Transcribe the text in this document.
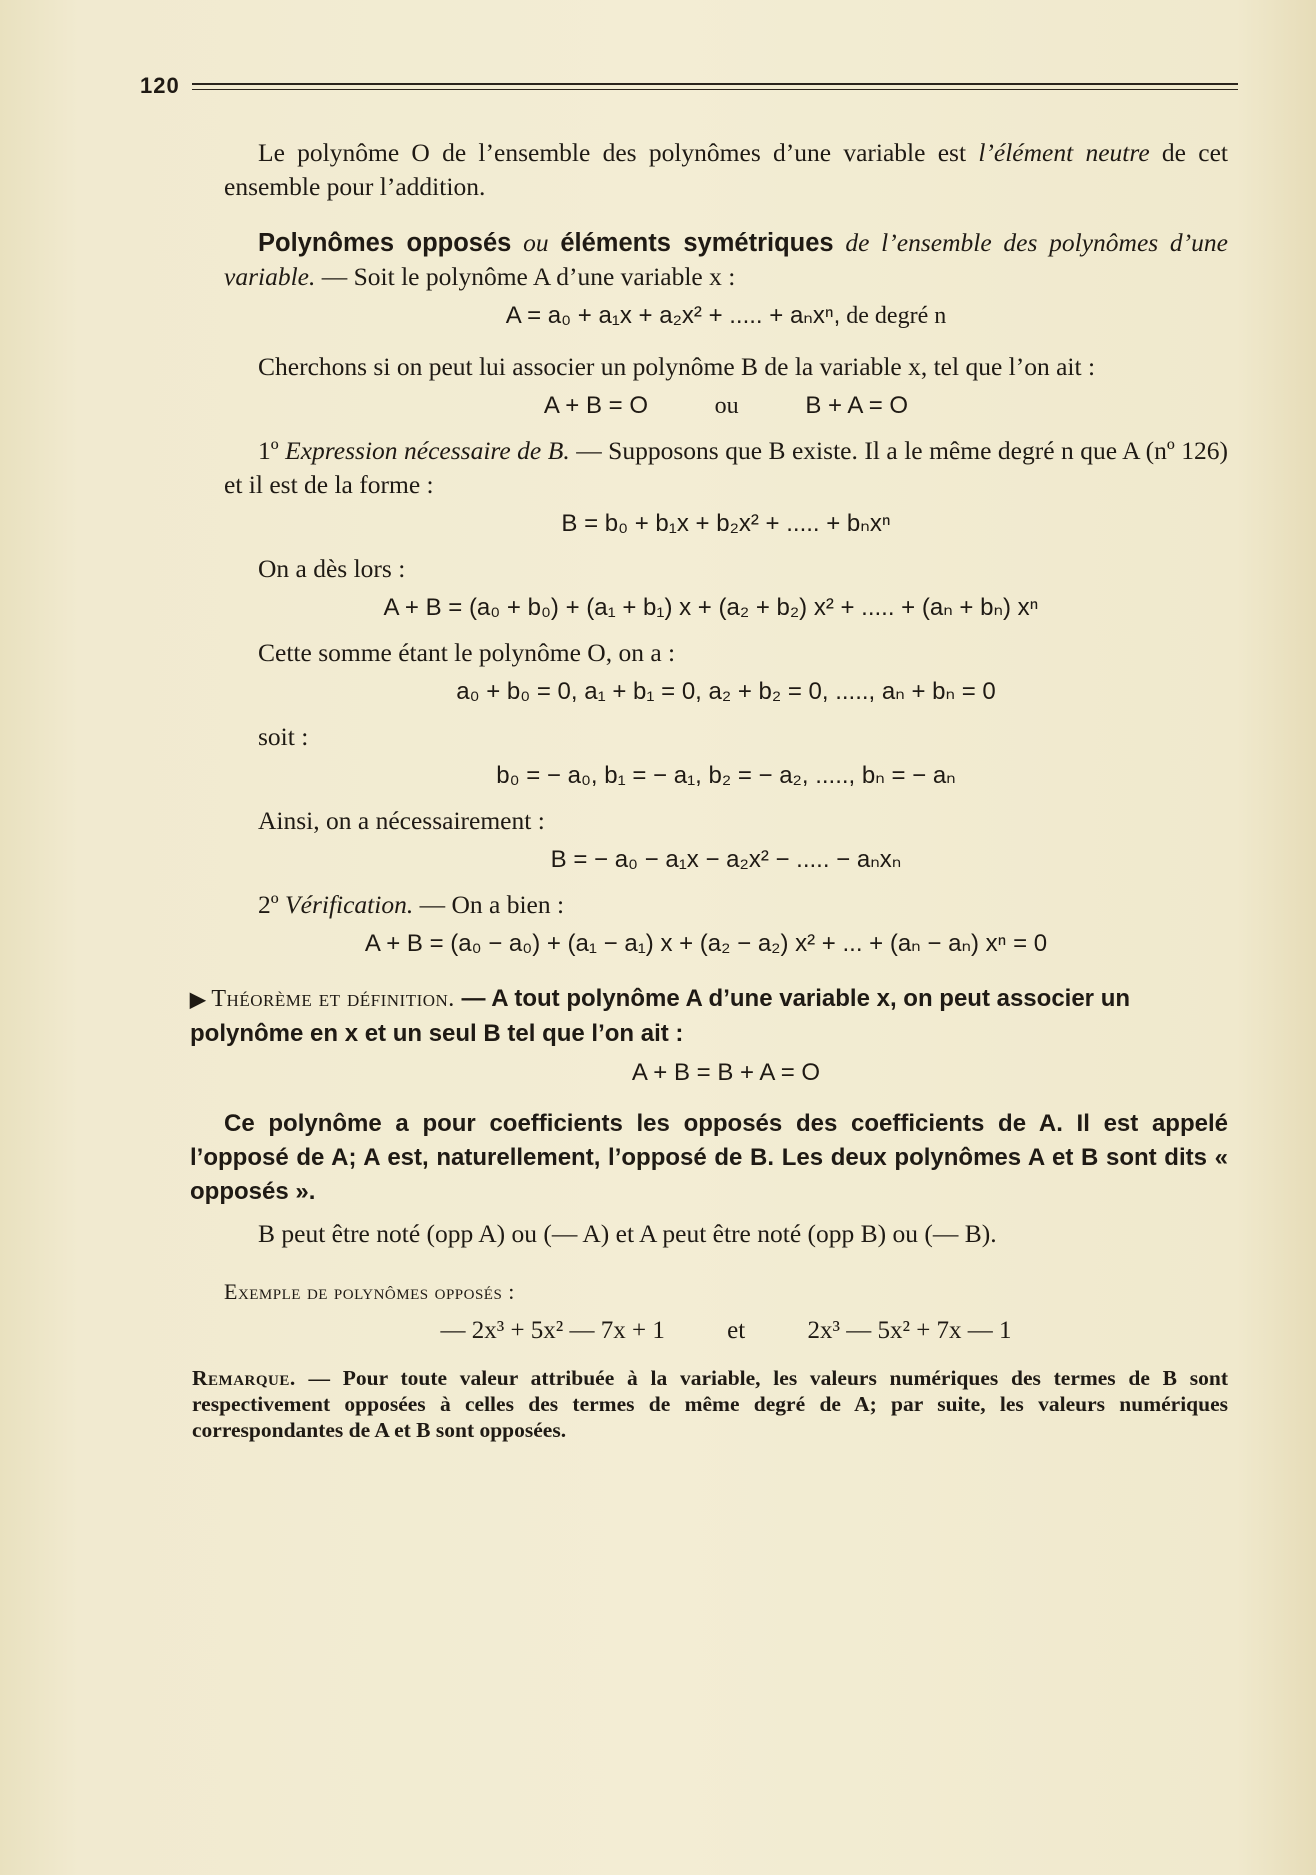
120

Le polynôme O de l’ensemble des polynômes d’une variable est l’élément neutre de cet ensemble pour l’addition.

Polynômes opposés ou éléments symétriques de l’ensemble des polynômes d’une variable. — Soit le polynôme A d’une variable x :

A = a₀ + a₁x + a₂x² + ..... + aₙxⁿ, de degré n

Cherchons si on peut lui associer un polynôme B de la variable x, tel que l’on ait :

A + B = O	ou	B + A = O

1º Expression nécessaire de B. — Supposons que B existe. Il a le même degré n que A (nº 126) et il est de la forme :

B = b₀ + b₁x + b₂x² + ..... + bₙxⁿ

On a dès lors :

A + B = (a₀ + b₀) + (a₁ + b₁) x + (a₂ + b₂) x² + ..... + (aₙ + bₙ) xⁿ

Cette somme étant le polynôme O, on a :

a₀ + b₀ = 0, a₁ + b₁ = 0, a₂ + b₂ = 0, ....., aₙ + bₙ = 0

soit :

b₀ = − a₀, b₁ = − a₁, b₂ = − a₂, ....., bₙ = − aₙ

Ainsi, on a nécessairement :

B = − a₀ − a₁x − a₂x² − ..... − aₙxₙ

2º Vérification. — On a bien :

A + B = (a₀ − a₀) + (a₁ − a₁) x + (a₂ − a₂) x² + ... + (aₙ − aₙ) xⁿ = 0
▶ Théorème et définition. — A tout polynôme A d’une variable x, on peut associer un polynôme en x et un seul B tel que l’on ait :
A + B = B + A = O

Ce polynôme a pour coefficients les opposés des coefficients de A. Il est appelé l’opposé de A; A est, naturellement, l’opposé de B. Les deux polynômes A et B sont dits « opposés ».

B peut être noté (opp A) ou (— A) et A peut être noté (opp B) ou (— B).

Exemple de polynômes opposés :

— 2x³ + 5x² — 7x + 1 et 2x³ — 5x² + 7x — 1

Remarque. — Pour toute valeur attribuée à la variable, les valeurs numériques des termes de B sont respectivement opposées à celles des termes de même degré de A; par suite, les valeurs numériques correspondantes de A et B sont opposées.
